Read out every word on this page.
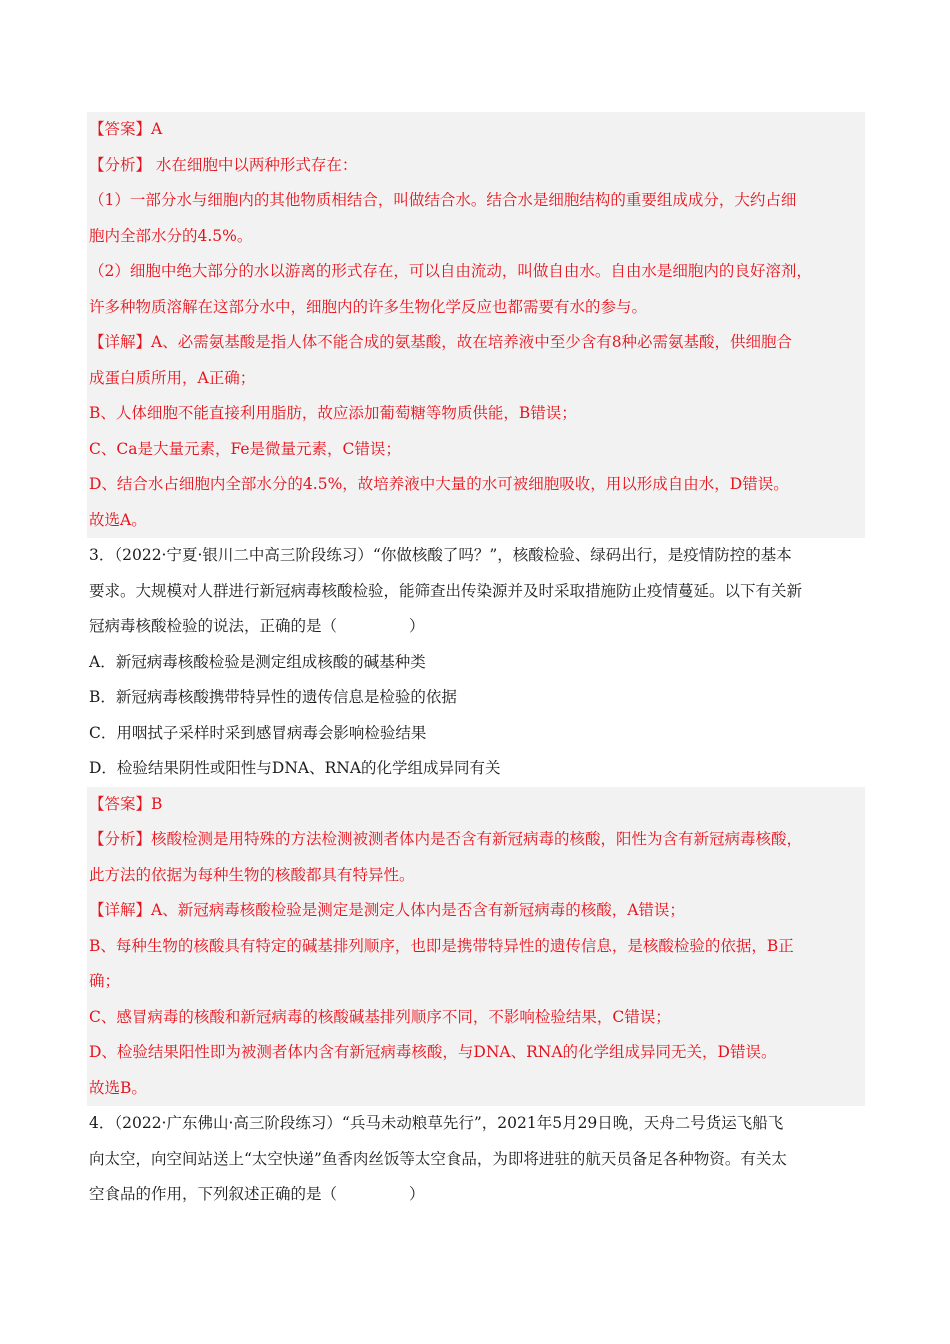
【答案】A
【分析】 水在细胞中以两种形式存在：
（1）一部分水与细胞内的其他物质相结合，叫做结合水。结合水是细胞结构的重要组成成分，大约占细
胞内全部水分的4.5%。
（2）细胞中绝大部分的水以游离的形式存在，可以自由流动，叫做自由水。自由水是细胞内的良好溶剂，
许多种物质溶解在这部分水中，细胞内的许多生物化学反应也都需要有水的参与。
【详解】A、必需氨基酸是指人体不能合成的氨基酸，故在培养液中至少含有8种必需氨基酸，供细胞合
成蛋白质所用，A正确；
B、人体细胞不能直接利用脂肪，故应添加葡萄糖等物质供能，B错误；
C、Ca是大量元素，Fe是微量元素，C错误；
D、结合水占细胞内全部水分的4.5%，故培养液中大量的水可被细胞吸收，用以形成自由水，D错误。
故选A。
3．（2022·宁夏·银川二中高三阶段练习）“你做核酸了吗？”，核酸检验、绿码出行，是疫情防控的基本
要求。大规模对人群进行新冠病毒核酸检验，能筛查出传染源并及时采取措施防止疫情蔓延。以下有关新
冠病毒核酸检验的说法，正确的是（	）
A．新冠病毒核酸检验是测定组成核酸的碱基种类
B．新冠病毒核酸携带特异性的遗传信息是检验的依据
C．用咽拭子采样时采到感冒病毒会影响检验结果
D．检验结果阴性或阳性与DNA、RNA的化学组成异同有关
【答案】B
【分析】核酸检测是用特殊的方法检测被测者体内是否含有新冠病毒的核酸，阳性为含有新冠病毒核酸，
此方法的依据为每种生物的核酸都具有特异性。
【详解】A、新冠病毒核酸检验是测定是测定人体内是否含有新冠病毒的核酸，A错误；
B、每种生物的核酸具有特定的碱基排列顺序，也即是携带特异性的遗传信息，是核酸检验的依据，B正
确；
C、感冒病毒的核酸和新冠病毒的核酸碱基排列顺序不同，不影响检验结果，C错误；
D、检验结果阳性即为被测者体内含有新冠病毒核酸，与DNA、RNA的化学组成异同无关，D错误。
故选B。
4．（2022·广东佛山·高三阶段练习）“兵马未动粮草先行”，2021年5月29日晚，天舟二号货运飞船飞
向太空，向空间站送上“太空快递”鱼香肉丝饭等太空食品，为即将进驻的航天员备足各种物资。有关太
空食品的作用，下列叙述正确的是（	）
